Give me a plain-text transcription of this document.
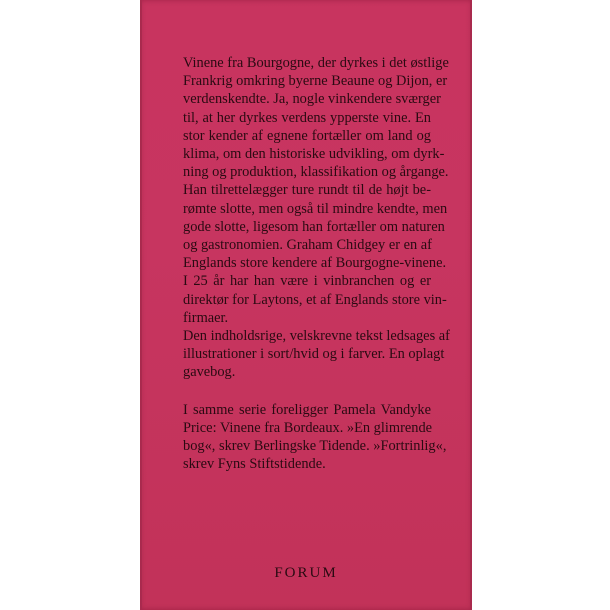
Vinene fra Bourgogne, der dyrkes i det østlige
Frankrig omkring byerne Beaune og Dijon, er
verdenskendte. Ja, nogle vinkendere sværger
til, at her dyrkes verdens ypperste vine. En
stor kender af egnene fortæller om land og
klima, om den historiske udvikling, om dyrk-
ning og produktion, klassifikation og årgange.
Han tilrettelægger ture rundt til de højt be-
rømte slotte, men også til mindre kendte, men
gode slotte, ligesom han fortæller om naturen
og gastronomien. Graham Chidgey er en af
Englands store kendere af Bourgogne-vinene.
I 25 år har han være i vinbranchen og er
direktør for Laytons, et af Englands store vin-
firmaer.
Den indholdsrige, velskrevne tekst ledsages af
illustrationer i sort/hvid og i farver. En oplagt
gavebog.
I samme serie foreligger Pamela Vandyke
Price: Vinene fra Bordeaux. »En glimrende
bog«, skrev Berlingske Tidende. »Fortrinlig«,
skrev Fyns Stiftstidende.
FORUM
